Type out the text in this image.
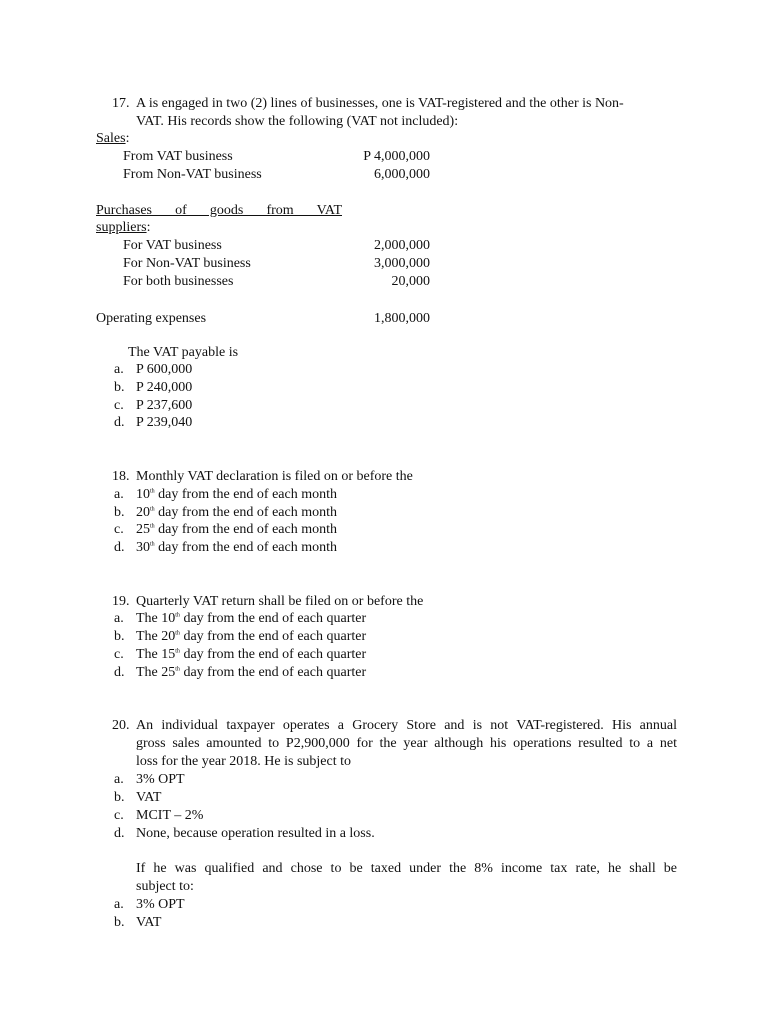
17. A is engaged in two (2) lines of businesses, one is VAT-registered and the other is Non-
VAT. His records show the following (VAT not included):
Sales:
From VAT business	P 4,000,000
From Non-VAT business	6,000,000
Purchases of goods from VAT
suppliers:
For VAT business	2,000,000
For Non-VAT business	3,000,000
For both businesses	20,000
Operating expenses	1,800,000
The VAT payable is
a. P 600,000
b. P 240,000
c. P 237,600
d. P 239,040
18. Monthly VAT declaration is filed on or before the
a. 10th day from the end of each month
b. 20th day from the end of each month
c. 25th day from the end of each month
d. 30th day from the end of each month
19. Quarterly VAT return shall be filed on or before the
a. The 10th day from the end of each quarter
b. The 20th day from the end of each quarter
c. The 15th day from the end of each quarter
d. The 25th day from the end of each quarter
20. An individual taxpayer operates a Grocery Store and is not VAT-registered. His annual
gross sales amounted to P2,900,000 for the year although his operations resulted to a net
loss for the year 2018. He is subject to
a. 3% OPT
b. VAT
c. MCIT – 2%
d. None, because operation resulted in a loss.
If he was qualified and chose to be taxed under the 8% income tax rate, he shall be
subject to:
a. 3% OPT
b. VAT
